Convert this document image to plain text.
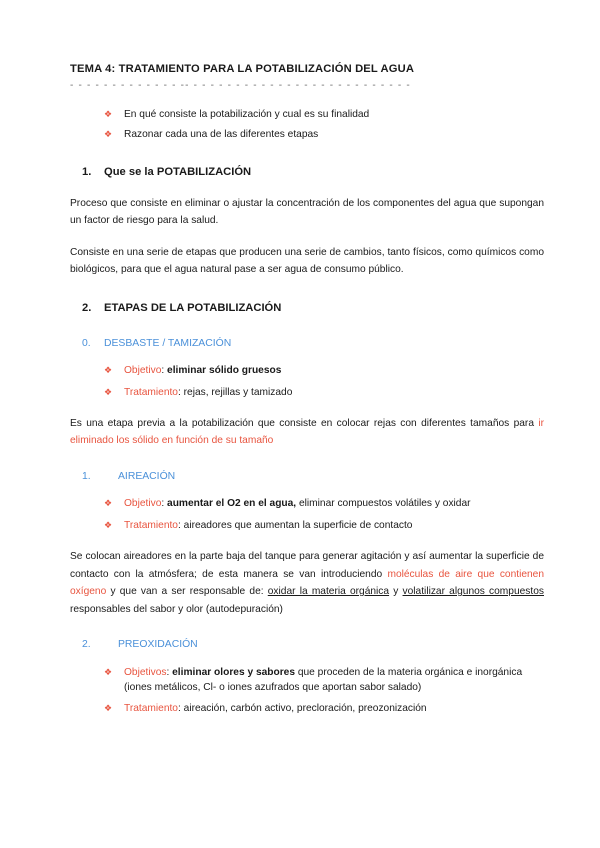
TEMA 4: TRATAMIENTO PARA LA POTABILIZACIÓN DEL AGUA
- - - - - - - - - - - - - -- - - - - - - - - - - - - - - - - - - - - - - - - - -
❖ En qué consiste la potabilización y cual es su finalidad
❖ Razonar cada una de las diferentes etapas
1. Que se la POTABILIZACIÓN

Proceso que consiste en eliminar o ajustar la concentración de los componentes del agua que supongan un factor de riesgo para la salud.

Consiste en una serie de etapas que producen una serie de cambios, tanto físicos, como químicos como biológicos, para que el agua natural pase a ser agua de consumo público.

2. ETAPAS DE LA POTABILIZACIÓN
0. DESBASTE / TAMIZACIÓN
❖ Objetivo: eliminar sólido gruesos
❖ Tratamiento: rejas, rejillas y tamizado

Es una etapa previa a la potabilización que consiste en colocar rejas con diferentes tamaños para ir eliminado los sólido en función de su tamaño

1.	AIREACIÓN
❖ Objetivo: aumentar el O2 en el agua, eliminar compuestos volátiles y oxidar
❖ Tratamiento: aireadores que aumentan la superficie de contacto

Se colocan aireadores en la parte baja del tanque para generar agitación y así aumentar la superficie de contacto con la atmósfera; de esta manera se van introduciendo moléculas de aire que contienen oxígeno y que van a ser responsable de: oxidar la materia orgánica y volatilizar algunos compuestos responsables del sabor y olor (autodepuración)

2.	PREOXIDACIÓN
❖ Objetivos: eliminar olores y sabores que proceden de la materia orgánica e inorgánica (iones metálicos, Cl- o iones azufrados que aportan sabor salado)
❖ Tratamiento: aireación, carbón activo, precloración, preozonización
